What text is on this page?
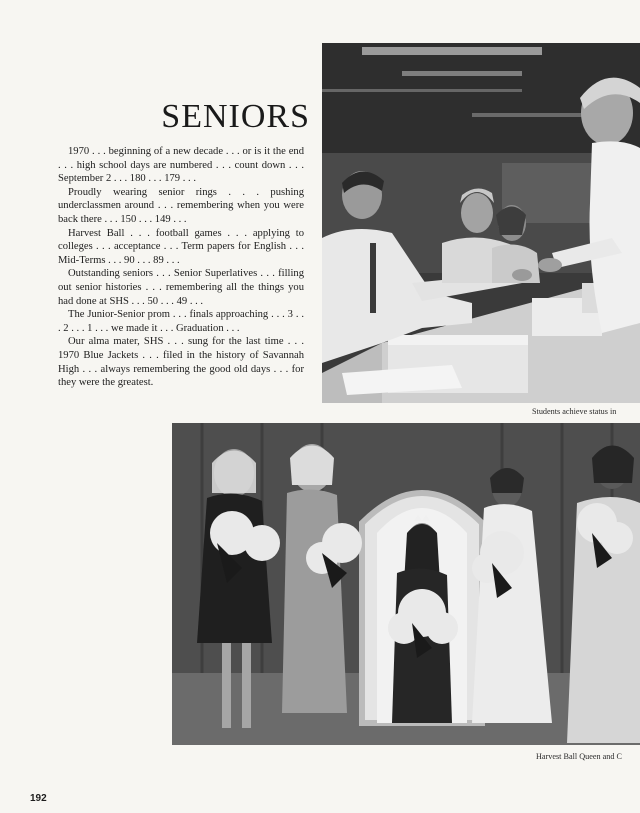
SENIORS

1970 . . . beginning of a new decade . . . or is it the end . . . high school days are numbered . . . count down . . . September 2 . . . 180 . . . 179 . . .

Proudly wearing senior rings . . . pushing underclassmen around . . . remembering when you were back there . . . 150 . . . 149 . . .

Harvest Ball . . . football games . . . applying to colleges . . . acceptance . . . Term papers for English . . . Mid-Terms . . . 90 . . . 89 . . .

Outstanding seniors . . . Senior Superlatives . . . filling out senior histories . . . remembering all the things you had done at SHS . . . 50 . . . 49 . . .

The Junior-Senior prom . . . finals approaching . . . 3 . . . 2 . . . 1 . . . we made it . . . Graduation . . .

Our alma mater, SHS . . . sung for the last time . . . 1970 Blue Jackets . . . filed in the history of Savannah High . . . always remembering the good old days . . . for they were the greatest.

Students achieve status in
Harvest Ball Queen and C
192
